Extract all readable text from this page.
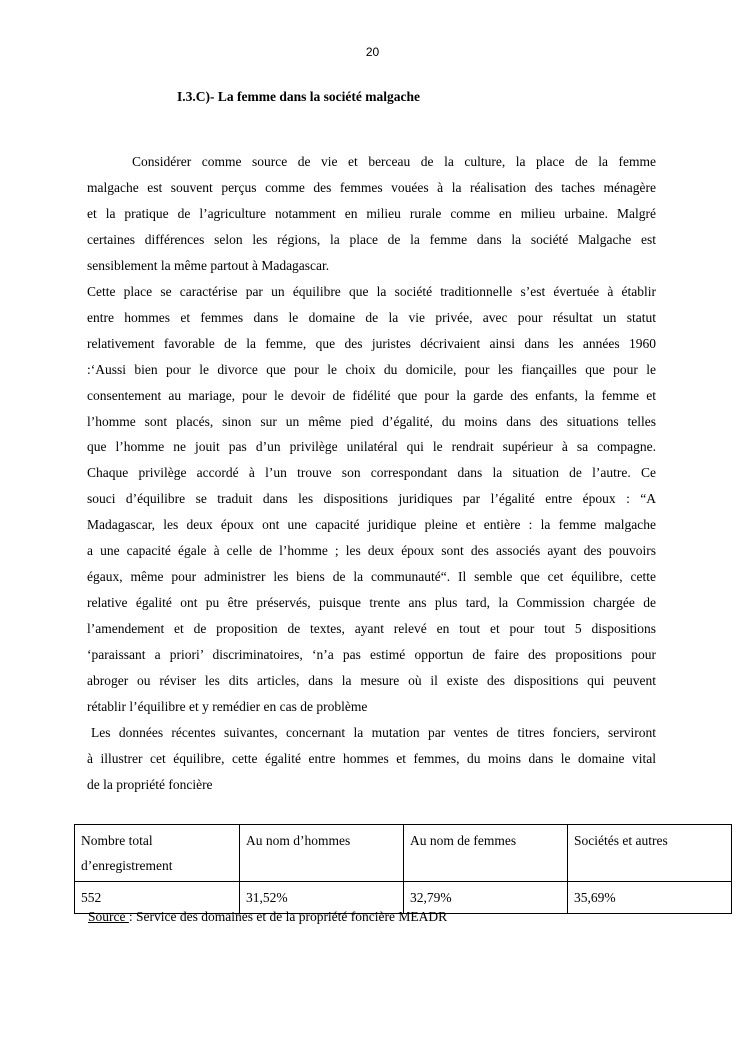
20
I.3.C)- La femme dans la société malgache

Considérer comme source de vie et berceau de la culture, la place de la femme
malgache est souvent perçus comme des femmes vouées à la réalisation des taches ménagère
et la pratique de l’agriculture notamment en milieu rurale comme en milieu urbaine. Malgré
certaines différences selon les régions, la place de la femme dans la société Malgache est
sensiblement la même partout à Madagascar.

Cette place se caractérise par un équilibre que la société traditionnelle s’est évertuée à établir
entre hommes et femmes dans le domaine de la vie privée, avec pour résultat un statut
relativement favorable de la femme, que des juristes décrivaient ainsi dans les années 1960
:‘Aussi bien pour le divorce que pour le choix du domicile, pour les fiançailles que pour le
consentement au mariage, pour le devoir de fidélité que pour la garde des enfants, la femme et
l’homme sont placés, sinon sur un même pied d’égalité, du moins dans des situations telles
que l’homme ne jouit pas d’un privilège unilatéral qui le rendrait supérieur à sa compagne.
Chaque privilège accordé à l’un trouve son correspondant dans la situation de l’autre. Ce
souci d’équilibre se traduit dans les dispositions juridiques par l’égalité entre époux : “A
Madagascar, les deux époux ont une capacité juridique pleine et entière : la femme malgache
a une capacité égale à celle de l’homme ; les deux époux sont des associés ayant des pouvoirs
égaux, même pour administrer les biens de la communauté“. Il semble que cet équilibre, cette
relative égalité ont pu être préservés, puisque trente ans plus tard, la Commission chargée de
l’amendement et de proposition de textes, ayant relevé en tout et pour tout 5 dispositions
‘paraissant a priori’ discriminatoires, ‘n’a pas estimé opportun de faire des propositions pour
abroger ou réviser les dits articles, dans la mesure où il existe des dispositions qui peuvent
rétablir l’équilibre et y remédier en cas de problème

Les données récentes suivantes, concernant la mutation par ventes de titres fonciers, serviront
à illustrer cet équilibre, cette égalité entre hommes et femmes, du moins dans le domaine vital
de la propriété foncière

Nombre total d’enregistrement	Au nom d’hommes	Au nom de femmes	Sociétés et autres
552	31,52%	32,79%	35,69%
Source : Service des domaines et de la propriété foncière MEADR
